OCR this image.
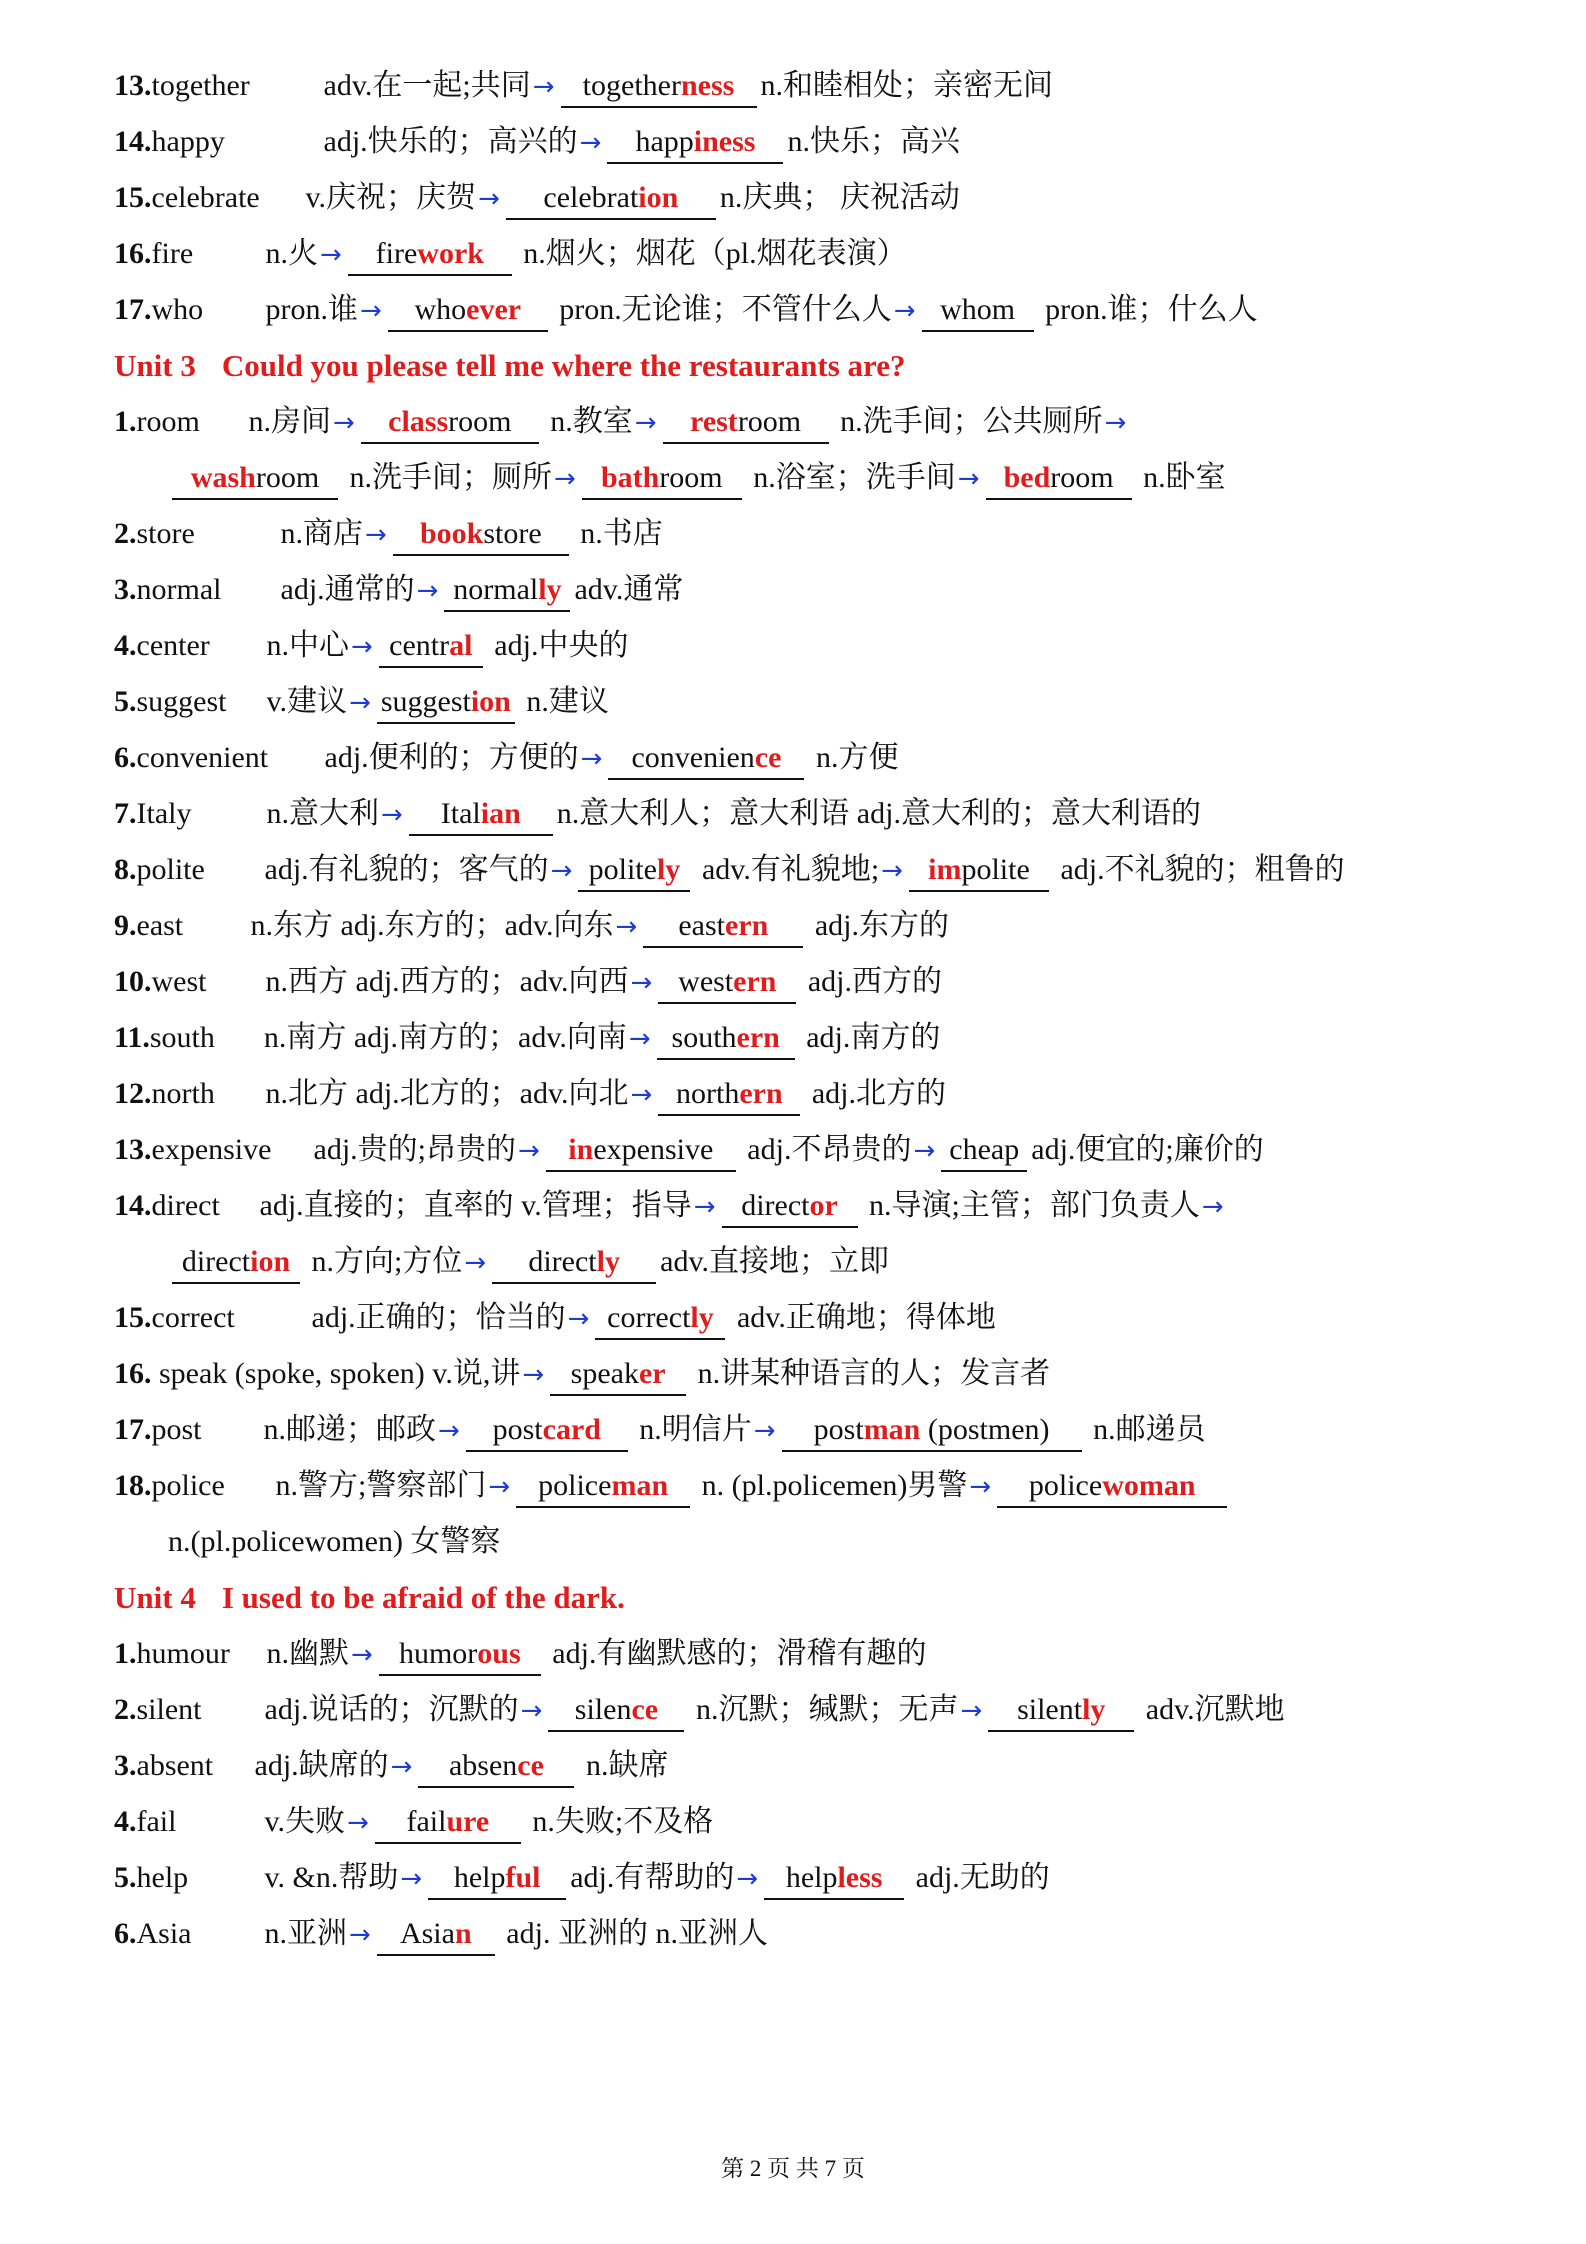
13.together adv.在一起;共同→ togetherness n.和睦相处；亲密无间
14.happy	adj.快乐的；高兴的→ happiness n.快乐；高兴
15.celebrate v.庆祝；庆贺→ celebration n.庆典； 庆祝活动
16.fire n.火→ firework n.烟火；烟花（pl.烟花表演）
17.who pron.谁→ whoever pron.无论谁；不管什么人→ whom pron.谁；什么人
1.room n.房间→ classroom n.教室→ restroom n.洗手间；公共厕所→
washroom n.洗手间；厕所→ bathroom n.浴室；洗手间→ bedroom n.卧室
2.store	n.商店→ bookstore n.书店
3.normal adj.通常的→ normally adv.通常
4.center n.中心→ central adj.中央的
5.suggest v.建议→ suggestion n.建议
6.convenient adj.便利的；方便的→ convenience n.方便
7.Italy	n.意大利→ Italian n.意大利人；意大利语 adj.意大利的；意大利语的
8.polite adj.有礼貌的；客气的→ politely adv.有礼貌地;→ impolite adj.不礼貌的；粗鲁的
9.east n.东方 adj.东方的；adv.向东→ eastern adj.东方的
10.west n.西方 adj.西方的；adv.向西→ western adj.西方的
11.south n.南方 adj.南方的；adv.向南→ southern adj.南方的
12.north n.北方 adj.北方的；adv.向北→ northern adj.北方的
13.expensive adj.贵的;昂贵的→ inexpensive adj.不昂贵的→ cheap adj.便宜的;廉价的
14.direct adj.直接的；直率的 v.管理；指导→ director n.导演;主管；部门负责人→
direction n.方向;方位→ directly adv.直接地；立即
15.correct	adj.正确的；恰当的→ correctly adv.正确地；得体地
16. speak (spoke, spoken) v.说,讲→ speaker n.讲某种语言的人；发言者
17.post n.邮递；邮政→ postcard n.明信片→ postman (postmen) n.邮递员
18.police n.警方;警察部门→ policeman n. (pl.policemen)男警→ policewoman
n.(pl.policewomen) 女警察
1.humour n.幽默→ humorous adj.有幽默感的；滑稽有趣的
2.silent adj.说话的；沉默的→ silence n.沉默；缄默；无声→ silently adv.沉默地
3.absent adj.缺席的→ absence n.缺席
4.fail	v.失败→ failure n.失败;不及格
5.help	v. &n.帮助→ helpful adj.有帮助的→ helpless adj.无助的
6.Asia n.亚洲→ Asian adj. 亚洲的 n.亚洲人
Unit 3 Could you please tell me where the restaurants are?
Unit 4 I used to be afraid of the dark.
第 2 页 共 7 页
